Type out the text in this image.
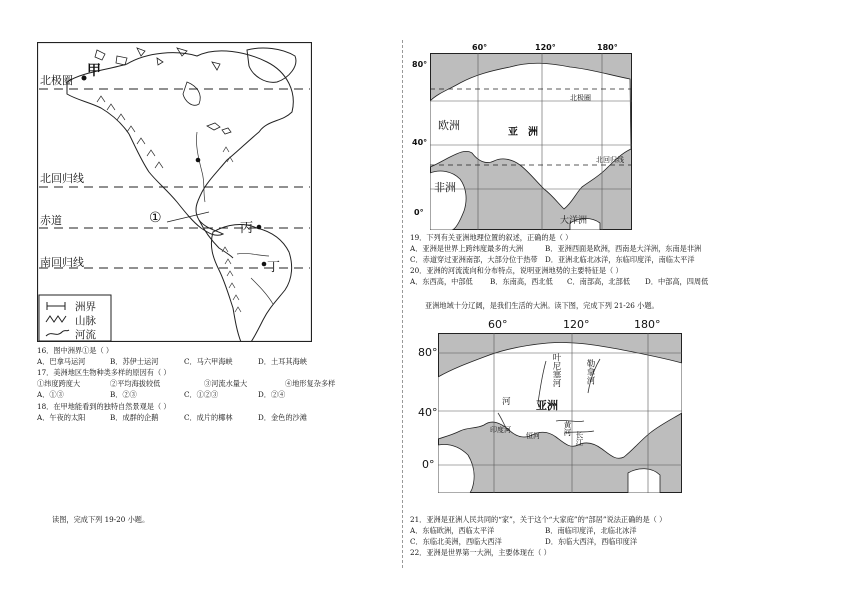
甲
北极圈
北回归线
赤道
南回归线
①
丙
丁
洲界
山脉
河流
16．图中洲界①是（ ）
A．巴拿马运河	B．苏伊士运河	C．马六甲海峡	D．土耳其海峡
17．美洲地区生物种类多样的原因有（ ）
①纬度跨度大	②平均海拔较低	③河流水量大	④地形复杂多样
A．①③	B．②③	C．①②③	D．②④
18．在甲地能看到的独特自然景观是（ ）
A．午夜的太阳	B．成群的企鹅	C．成片的椰林	D．金色的沙滩
读图，完成下列 19-20 小题。
欧洲
亚　洲
非洲
大洋洲
北极圈
北回归线
60°	120°	180°
80°
40°
0°
19．下列有关亚洲地理位置的叙述，正确的是（ ）
A．亚洲是世界上跨纬度最多的大洲	B．亚洲西面是欧洲，西南是大洋洲，东南是非洲
C．赤道穿过亚洲南部，大部分位于热带 D．亚洲北临北冰洋，东临印度洋，南临太平洋
20．亚洲的河流流向和分布特点，说明亚洲地势的主要特征是（ ）
A．东西高，中部低 B．东南高，西北低 C．南部高，北部低 D．中部高，四周低
亚洲地域十分辽阔，是我们生活的大洲。读下图，完成下列 21-26 小题。
叶尼塞河	勒拿河
河 亚洲
印度河
恒河	黄河
长江
60°	120°	180°
80°
40°
0°
21．亚洲是亚洲人民共同的“家”，关于这个“大家庭”的“部居”说法正确的是（ ）
A．东临欧洲，西临太平洋	B．南临印度洋，北临北冰洋
C．东临北美洲，西临大西洋	D．东临大西洋，西临印度洋
22．亚洲是世界第一大洲，主要体现在（ ）
